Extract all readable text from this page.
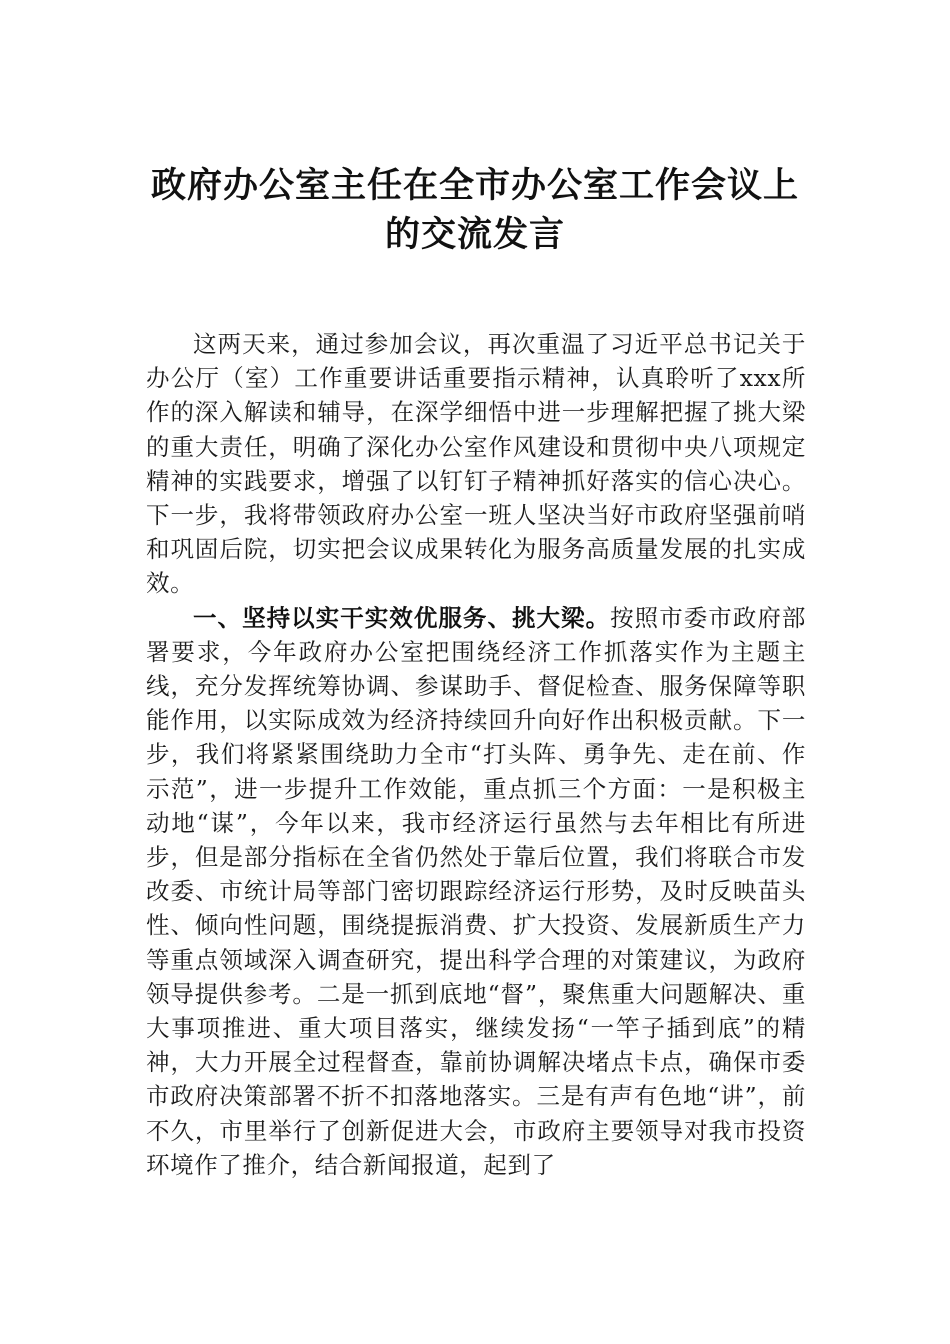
政府办公室主任在全市办公室工作会议上
的交流发言

这两天来，通过参加会议，再次重温了习近平总书记关于办公厅（室）工作重要讲话重要指示精神，认真聆听了xxx所作的深入解读和辅导，在深学细悟中进一步理解把握了挑大梁的重大责任，明确了深化办公室作风建设和贯彻中央八项规定精神的实践要求，增强了以钉钉子精神抓好落实的信心决心。下一步，我将带领政府办公室一班人坚决当好市政府坚强前哨和巩固后院，切实把会议成果转化为服务高质量发展的扎实成效。

一、坚持以实干实效优服务、挑大梁。按照市委市政府部署要求，今年政府办公室把围绕经济工作抓落实作为主题主线，充分发挥统筹协调、参谋助手、督促检查、服务保障等职能作用，以实际成效为经济持续回升向好作出积极贡献。下一步，我们将紧紧围绕助力全市“打头阵、勇争先、走在前、作示范”，进一步提升工作效能，重点抓三个方面：一是积极主动地“谋”，今年以来，我市经济运行虽然与去年相比有所进步，但是部分指标在全省仍然处于靠后位置，我们将联合市发改委、市统计局等部门密切跟踪经济运行形势，及时反映苗头性、倾向性问题，围绕提振消费、扩大投资、发展新质生产力等重点领域深入调查研究，提出科学合理的对策建议，为政府领导提供参考。二是一抓到底地“督”，聚焦重大问题解决、重大事项推进、重大项目落实，继续发扬“一竿子插到底”的精神，大力开展全过程督查，靠前协调解决堵点卡点，确保市委市政府决策部署不折不扣落地落实。三是有声有色地“讲”，前不久，市里举行了创新促进大会，市政府主要领导对我市投资环境作了推介，结合新闻报道，起到了
